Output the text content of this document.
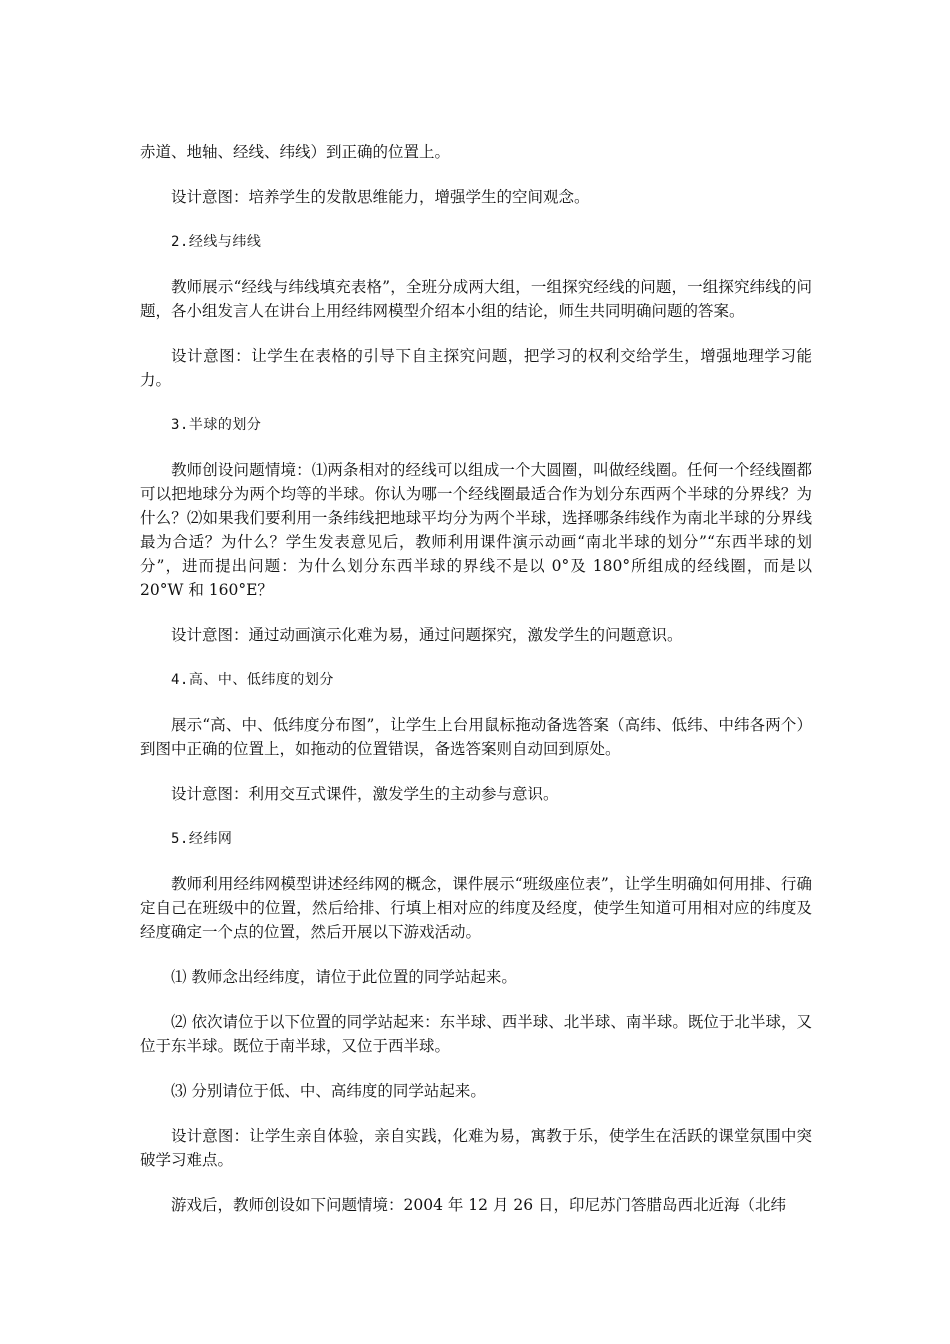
赤道、地轴、经线、纬线）到正确的位置上。

设计意图：培养学生的发散思维能力，增强学生的空间观念。

2.经线与纬线

教师展示“经线与纬线填充表格”，全班分成两大组，一组探究经线的问题，一组探究纬线的问题，各小组发言人在讲台上用经纬网模型介绍本小组的结论，师生共同明确问题的答案。

设计意图：让学生在表格的引导下自主探究问题，把学习的权利交给学生，增强地理学习能力。

3.半球的划分

教师创设问题情境：⑴两条相对的经线可以组成一个大圆圈，叫做经线圈。任何一个经线圈都可以把地球分为两个均等的半球。你认为哪一个经线圈最适合作为划分东西两个半球的分界线？为什么？⑵如果我们要利用一条纬线把地球平均分为两个半球，选择哪条纬线作为南北半球的分界线最为合适？为什么？学生发表意见后，教师利用课件演示动画“南北半球的划分”“东西半球的划分”，进而提出问题：为什么划分东西半球的界线不是以 0°及 180°所组成的经线圈，而是以 20°W 和 160°E？

设计意图：通过动画演示化难为易，通过问题探究，激发学生的问题意识。

4.高、中、低纬度的划分

展示“高、中、低纬度分布图”，让学生上台用鼠标拖动备选答案（高纬、低纬、中纬各两个）到图中正确的位置上，如拖动的位置错误，备选答案则自动回到原处。

设计意图：利用交互式课件，激发学生的主动参与意识。

5.经纬网

教师利用经纬网模型讲述经纬网的概念，课件展示“班级座位表”，让学生明确如何用排、行确定自己在班级中的位置，然后给排、行填上相对应的纬度及经度，使学生知道可用相对应的纬度及经度确定一个点的位置，然后开展以下游戏活动。

⑴ 教师念出经纬度，请位于此位置的同学站起来。

⑵ 依次请位于以下位置的同学站起来：东半球、西半球、北半球、南半球。既位于北半球，又位于东半球。既位于南半球，又位于西半球。

⑶ 分别请位于低、中、高纬度的同学站起来。

设计意图：让学生亲自体验，亲自实践，化难为易，寓教于乐，使学生在活跃的课堂氛围中突破学习难点。

游戏后，教师创设如下问题情境：2004 年 12 月 26 日，印尼苏门答腊岛西北近海（北纬
